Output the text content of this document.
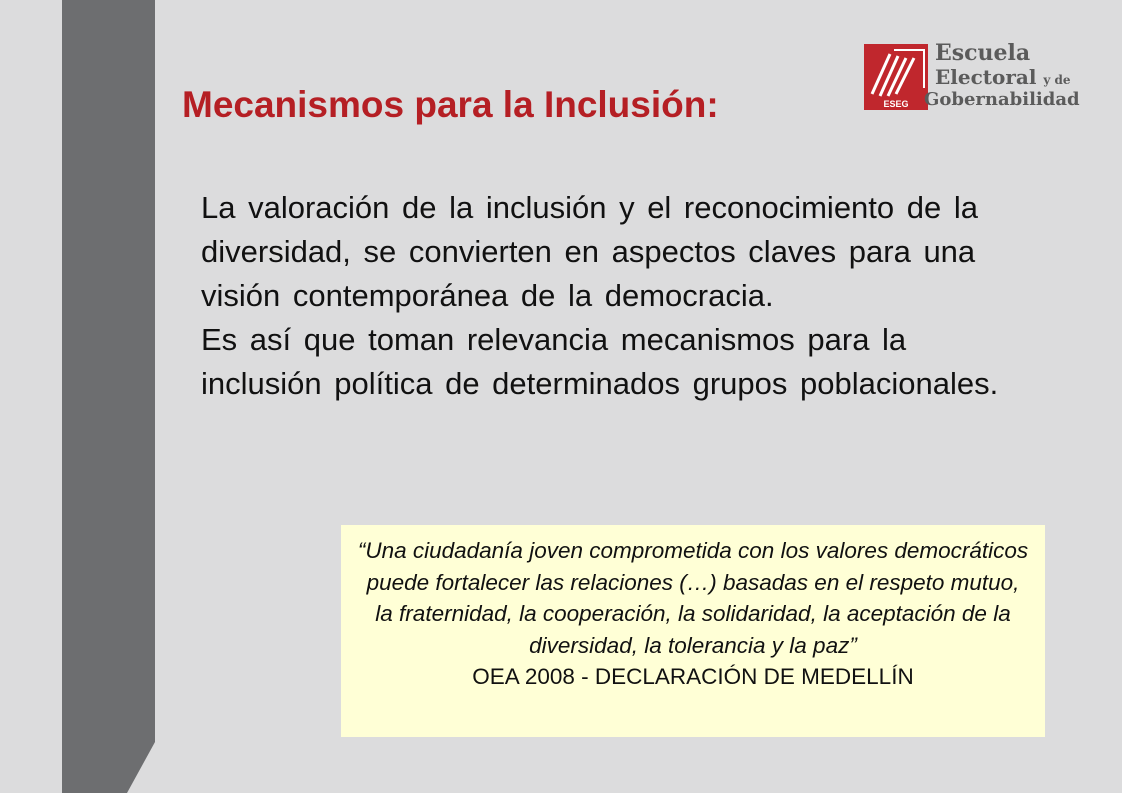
ESEG
Escuela
Electoral y de
Gobernabilidad
Mecanismos para la Inclusión:

La valoración de la inclusión y el reconocimiento de la diversidad, se convierten en aspectos claves para una visión contemporánea de la democracia.

Es así que toman relevancia mecanismos para la inclusión política de determinados grupos poblacionales.

“Una ciudadanía joven comprometida con los valores democráticos puede fortalecer las relaciones (…) basadas en el respeto mutuo, la fraternidad, la cooperación, la solidaridad, la aceptación de la diversidad, la tolerancia y la paz”

OEA 2008 - DECLARACIÓN DE MEDELLÍN
